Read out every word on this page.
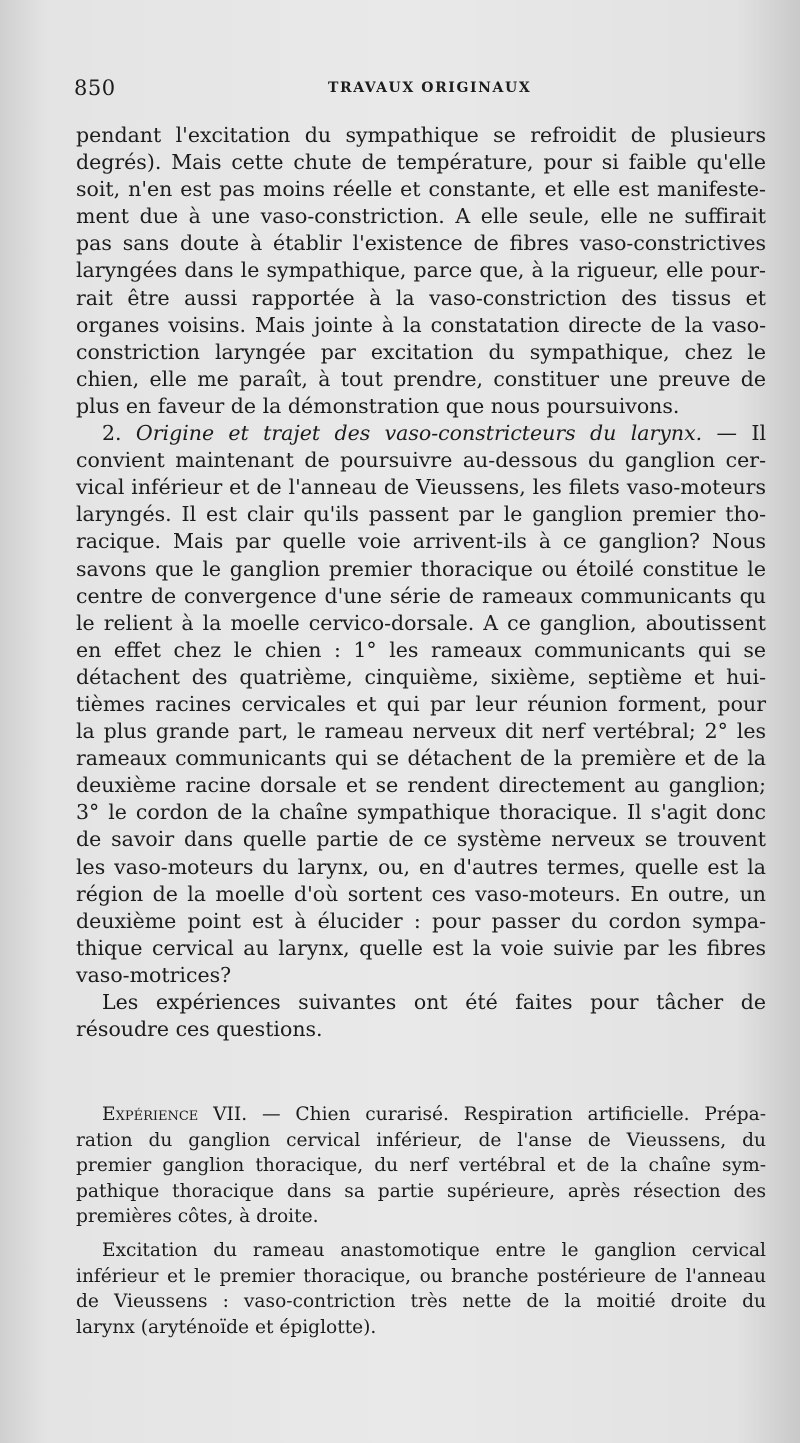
850	TRAVAUX ORIGINAUX
pendant l'excitation du sympathique se refroidit de plusieurs
degrés). Mais cette chute de température, pour si faible qu'elle
soit, n'en est pas moins réelle et constante, et elle est manifeste-
ment due à une vaso-constriction. A elle seule, elle ne suffirait
pas sans doute à établir l'existence de fibres vaso-constrictives
laryngées dans le sympathique, parce que, à la rigueur, elle pour-
rait être aussi rapportée à la vaso-constriction des tissus et
organes voisins. Mais jointe à la constatation directe de la vaso-
constriction laryngée par excitation du sympathique, chez le
chien, elle me paraît, à tout prendre, constituer une preuve de
plus en faveur de la démonstration que nous poursuivons.
2. Origine et trajet des vaso-constricteurs du larynx. — Il
convient maintenant de poursuivre au-dessous du ganglion cer-
vical inférieur et de l'anneau de Vieussens, les filets vaso-moteurs
laryngés. Il est clair qu'ils passent par le ganglion premier tho-
racique. Mais par quelle voie arrivent-ils à ce ganglion? Nous
savons que le ganglion premier thoracique ou étoilé constitue le
centre de convergence d'une série de rameaux communicants qu
le relient à la moelle cervico-dorsale. A ce ganglion, aboutissent
en effet chez le chien : 1° les rameaux communicants qui se
détachent des quatrième, cinquième, sixième, septième et hui-
tièmes racines cervicales et qui par leur réunion forment, pour
la plus grande part, le rameau nerveux dit nerf vertébral; 2° les
rameaux communicants qui se détachent de la première et de la
deuxième racine dorsale et se rendent directement au ganglion;
3° le cordon de la chaîne sympathique thoracique. Il s'agit donc
de savoir dans quelle partie de ce système nerveux se trouvent
les vaso-moteurs du larynx, ou, en d'autres termes, quelle est la
région de la moelle d'où sortent ces vaso-moteurs. En outre, un
deuxième point est à élucider : pour passer du cordon sympa-
thique cervical au larynx, quelle est la voie suivie par les fibres
vaso-motrices?
Les expériences suivantes ont été faites pour tâcher de
résoudre ces questions.
Expérience VII. — Chien curarisé. Respiration artificielle. Prépa-
ration du ganglion cervical inférieur, de l'anse de Vieussens, du
premier ganglion thoracique, du nerf vertébral et de la chaîne sym-
pathique thoracique dans sa partie supérieure, après résection des
premières côtes, à droite.
Excitation du rameau anastomotique entre le ganglion cervical
inférieur et le premier thoracique, ou branche postérieure de l'anneau
de Vieussens : vaso-contriction très nette de la moitié droite du
larynx (aryténoïde et épiglotte).
